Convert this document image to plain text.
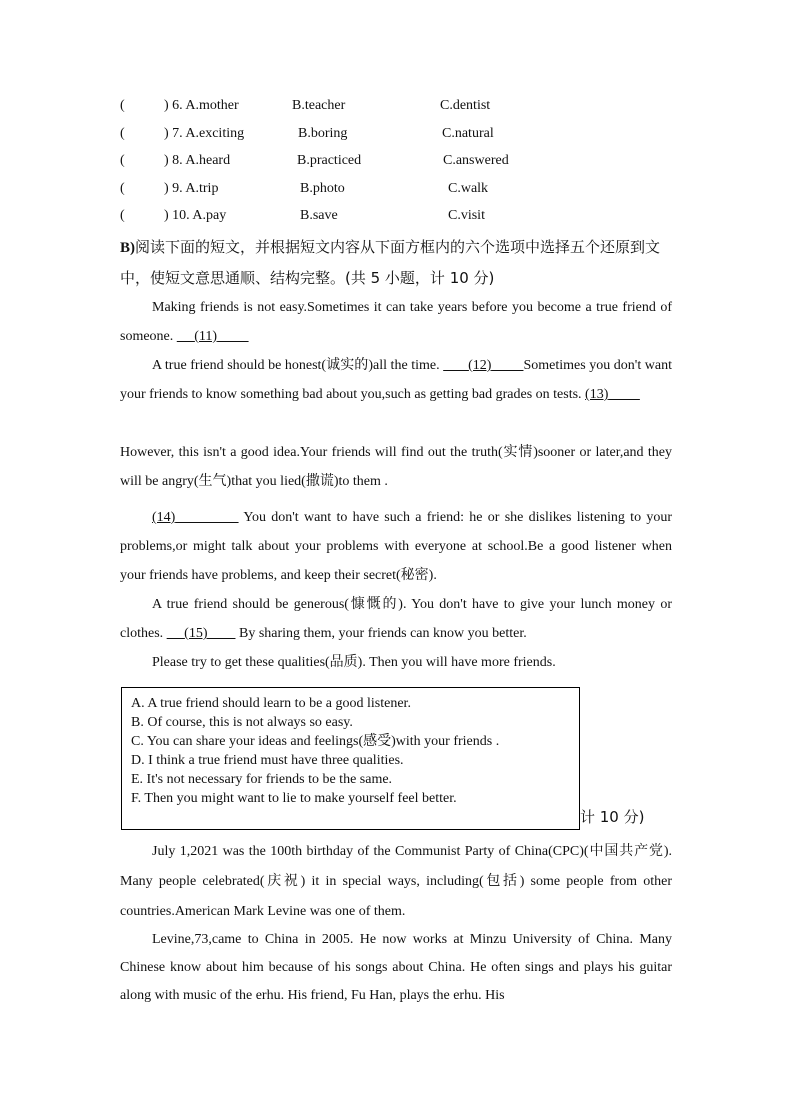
(	) 6. A.mother	B.teacher	C.dentist
(	) 7. A.exciting	B.boring	C.natural
(	) 8. A.heard	B.practiced	C.answered
(	) 9. A.trip	B.photo	C.walk
(	) 10. A.pay	B.save	C.visit
B)阅读下面的短文，并根据短文内容从下面方框内的六个选项中选择五个还原到文中，使短文意思通顺、结构完整。(共 5 小题，计 10 分)
Making friends is not easy.Sometimes it can take years before you become a true friend of someone. (11)
A true friend should be honest(诚实的)all the time. (12) Sometimes you don't want your friends to know something bad about you,such as getting bad grades on tests. (13)
However, this isn't a good idea.Your friends will find out the truth(实情)sooner or later,and they will be angry(生气)that you lied(撒谎)to them .
(14)	You don't want to have such a friend: he or she dislikes listening to your problems,or might talk about your problems with everyone at school.Be a good listener when your friends have problems, and keep their secret(秘密).
A true friend should be generous(慷慨的). You don't have to give your lunch money or clothes. (15) By sharing them, your friends can know you better.
Please try to get these qualities(品质). Then you will have more friends.
A. A true friend should learn to be a good listener.
B. Of course, this is not always so easy.
C. You can share your ideas and feelings(感受)with your friends .
D. I think a true friend must have three qualities.
E. It's not necessary for friends to be the same.
F. Then you might want to lie to make yourself feel better.
计 10 分)
July 1,2021 was the 100th birthday of the Communist Party of China(CPC)(中国共产党). Many people celebrated(庆祝) it in special ways, including(包括) some people from other countries.American Mark Levine was one of them.
Levine,73,came to China in 2005. He now works at Minzu University of China. Many Chinese know about him because of his songs about China. He often sings and plays his guitar along with music of the erhu. His friend, Fu Han, plays the erhu. His
